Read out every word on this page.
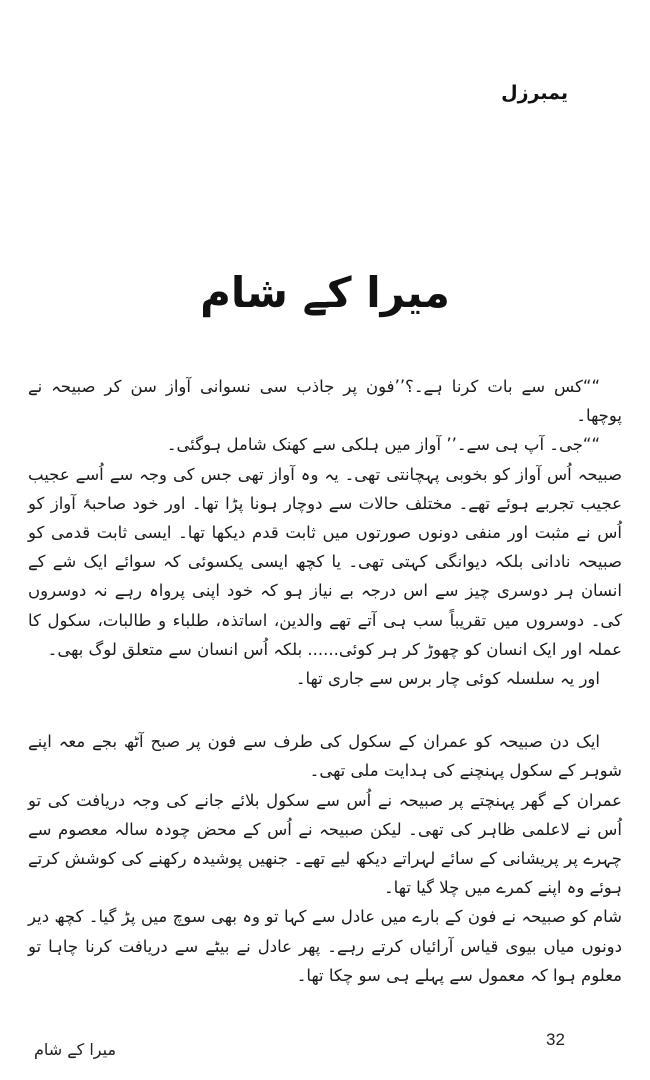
یمبرزل
میرا کے شام

““کس سے بات کرنا ہے۔؟’’فون پر جاذب سی نسوانی آواز سن کر صبیحہ نے پوچھا۔

““جی۔ آپ ہی سے۔’’ آواز میں ہلکی سے کھنک شامل ہوگئی۔

صبیحہ اُس آواز کو بخوبی پہچانتی تھی۔ یہ وہ آواز تھی جس کی وجہ سے اُسے عجیب عجیب تجربے ہوئے تھے۔ مختلف حالات سے دوچار ہونا پڑا تھا۔ اور خود صاحبۂ آواز کو اُس نے مثبت اور منفی دونوں صورتوں میں ثابت قدم دیکھا تھا۔ ایسی ثابت قدمی کو صبیحہ نادانی بلکہ دیوانگی کہتی تھی۔ یا کچھ ایسی یکسوئی کہ سوائے ایک شے کے انسان ہر دوسری چیز سے اس درجہ بے نیاز ہو کہ خود اپنی پرواہ رہے نہ دوسروں کی۔ دوسروں میں تقریباً سب ہی آتے تھے والدین، اساتذہ، طلباء و طالبات، سکول کا عملہ اور ایک انسان کو چھوڑ کر ہر کوئی...... بلکہ اُس انسان سے متعلق لوگ بھی۔

اور یہ سلسلہ کوئی چار برس سے جاری تھا۔

ایک دن صبیحہ کو عمران کے سکول کی طرف سے فون پر صبح آٹھ بجے معہ اپنے شوہر کے سکول پہنچنے کی ہدایت ملی تھی۔

عمران کے گھر پہنچتے پر صبیحہ نے اُس سے سکول بلائے جانے کی وجہ دریافت کی تو اُس نے لاعلمی ظاہر کی تھی۔ لیکن صبیحہ نے اُس کے محض چودہ سالہ معصوم سے چہرے پر پریشانی کے سائے لہراتے دیکھ لیے تھے۔ جنھیں پوشیدہ رکھنے کی کوشش کرتے ہوئے وہ اپنے کمرے میں چلا گیا تھا۔

شام کو صبیحہ نے فون کے بارے میں عادل سے کہا تو وہ بھی سوچ میں پڑ گیا۔ کچھ دیر دونوں میاں بیوی قیاس آرائیاں کرتے رہے۔ پھر عادل نے بیٹے سے دریافت کرنا چاہا تو معلوم ہوا کہ معمول سے پہلے ہی سو چکا تھا۔

32
میرا کے شام
